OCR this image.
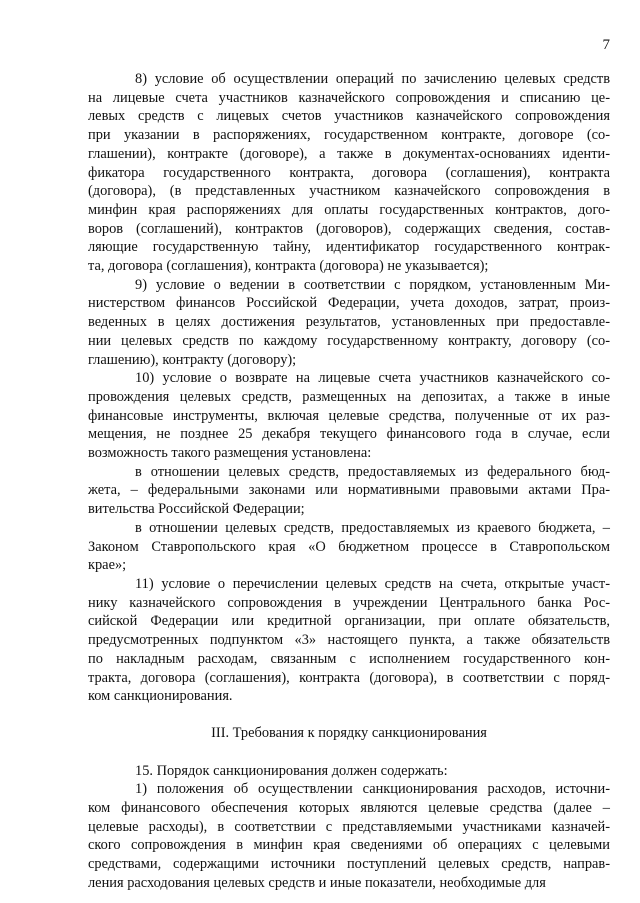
7
8) условие об осуществлении операций по зачислению целевых средств
на лицевые счета участников казначейского сопровождения и списанию це-
левых средств с лицевых счетов участников казначейского сопровождения
при указании в распоряжениях, государственном контракте, договоре (со-
глашении), контракте (договоре), а также в документах-основаниях иденти-
фикатора государственного контракта, договора (соглашения), контракта
(договора), (в представленных участником казначейского сопровождения в
минфин края распоряжениях для оплаты государственных контрактов, дого-
воров (соглашений), контрактов (договоров), содержащих сведения, состав-
ляющие государственную тайну, идентификатор государственного контрак-
та, договора (соглашения), контракта (договора) не указывается);
9) условие о ведении в соответствии с порядком, установленным Ми-
нистерством финансов Российской Федерации, учета доходов, затрат, произ-
веденных в целях достижения результатов, установленных при предоставле-
нии целевых средств по каждому государственному контракту, договору (со-
глашению), контракту (договору);
10) условие о возврате на лицевые счета участников казначейского со-
провождения целевых средств, размещенных на депозитах, а также в иные
финансовые инструменты, включая целевые средства, полученные от их раз-
мещения, не позднее 25 декабря текущего финансового года в случае, если
возможность такого размещения установлена:
в отношении целевых средств, предоставляемых из федерального бюд-
жета, – федеральными законами или нормативными правовыми актами Пра-
вительства Российской Федерации;
в отношении целевых средств, предоставляемых из краевого бюджета, –
Законом Ставропольского края «О бюджетном процессе в Ставропольском
крае»;
11) условие о перечислении целевых средств на счета, открытые участ-
нику казначейского сопровождения в учреждении Центрального банка Рос-
сийской Федерации или кредитной организации, при оплате обязательств,
предусмотренных подпунктом «3» настоящего пункта, а также обязательств
по накладным расходам, связанным с исполнением государственного кон-
тракта, договора (соглашения), контракта (договора), в соответствии с поряд-
ком санкционирования.
III. Требования к порядку санкционирования
15. Порядок санкционирования должен содержать:
1) положения об осуществлении санкционирования расходов, источни-
ком финансового обеспечения которых являются целевые средства (далее –
целевые расходы), в соответствии с представляемыми участниками казначей-
ского сопровождения в минфин края сведениями об операциях с целевыми
средствами, содержащими источники поступлений целевых средств, направ-
ления расходования целевых средств и иные показатели, необходимые для
